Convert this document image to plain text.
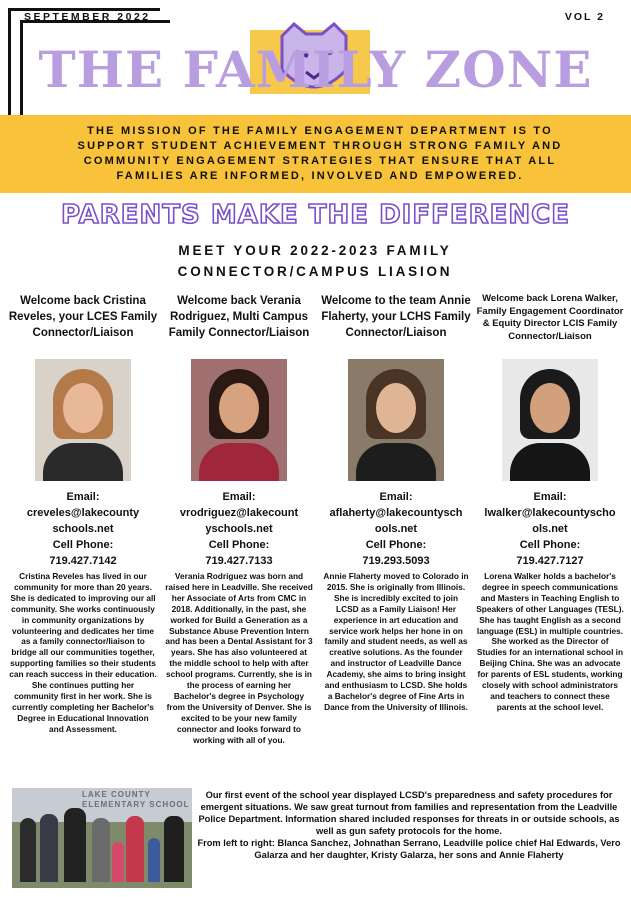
SEPTEMBER 2022	VOL 2
THE FAMILY ZONE
THE MISSION OF THE FAMILY ENGAGEMENT DEPARTMENT IS TO SUPPORT STUDENT ACHIEVEMENT THROUGH STRONG FAMILY AND COMMUNITY ENGAGEMENT STRATEGIES THAT ENSURE THAT ALL FAMILIES ARE INFORMED, INVOLVED AND EMPOWERED.
PARENTS MAKE THE DIFFERENCE
MEET YOUR 2022-2023 FAMILY
CONNECTOR/CAMPUS LIASION
Welcome back Cristina Reveles, your LCES Family Connector/Liaison
Email:
creveles@lakecounty schools.net
Cell Phone:
719.427.7142
Cristina Reveles has lived in our community for more than 20 years. She is dedicated to improving our all community. She works continuously in community organizations by volunteering and dedicates her time as a family connector/liaison to bridge all our communities together, supporting families so their students can reach success in their education. She continues putting her community first in her work. She is currently completing her Bachelor's Degree in Educational Innovation and Assessment.
Welcome back Verania Rodriguez, Multi Campus Family Connector/Liaison
Email:
vrodriguez@lakecount yschools.net
Cell Phone:
719.427.7133
Verania Rodriguez was born and raised here in Leadville. She received her Associate of Arts from CMC in 2018. Additionally, in the past, she worked for Build a Generation as a Substance Abuse Prevention Intern and has been a Dental Assistant for 3 years. She has also volunteered at the middle school to help with after school programs. Currently, she is in the process of earning her Bachelor's degree in Psychology from the University of Denver. She is excited to be your new family connector and looks forward to working with all of you.
Welcome to the team Annie Flaherty, your LCHS Family Connector/Liaison
Email:
aflaherty@lakecountysch ools.net
Cell Phone:
719.293.5093
Annie Flaherty moved to Colorado in 2015. She is originally from Illinois. She is incredibly excited to join LCSD as a Family Liaison! Her experience in art education and service work helps her hone in on family and student needs, as well as creative solutions. As the founder and instructor of Leadville Dance Academy, she aims to bring insight and enthusiasm to LCSD. She holds a Bachelor's degree of Fine Arts in Dance from the University of Illinois.
Welcome back Lorena Walker, Family Engagement Coordinator & Equity Director LCIS Family Connector/Liaison
Email:
lwalker@lakecountyscho ols.net
Cell Phone:
719.427.7127
Lorena Walker holds a bachelor's degree in speech communications and Masters in Teaching English to Speakers of other Languages (TESL). She has taught English as a second language (ESL) in multiple countries. She worked as the Director of Studies for an international school in Beijing China. She was an advocate for parents of ESL students, working closely with school administrators and teachers to connect these parents at the school level.
LAKE COUNTY ELEMENTARY SCHOOL

Our first event of the school year displayed LCSD's preparedness and safety procedures for emergent situations. We saw great turnout from families and representation from the Leadville Police Department. Information shared included responses for threats in or outside schools, as well as gun safety protocols for the home.

From left to right: Blanca Sanchez, Johnathan Serrano, Leadville police chief Hal Edwards, Vero Galarza and her daughter, Kristy Galarza, her sons and Annie Flaherty
